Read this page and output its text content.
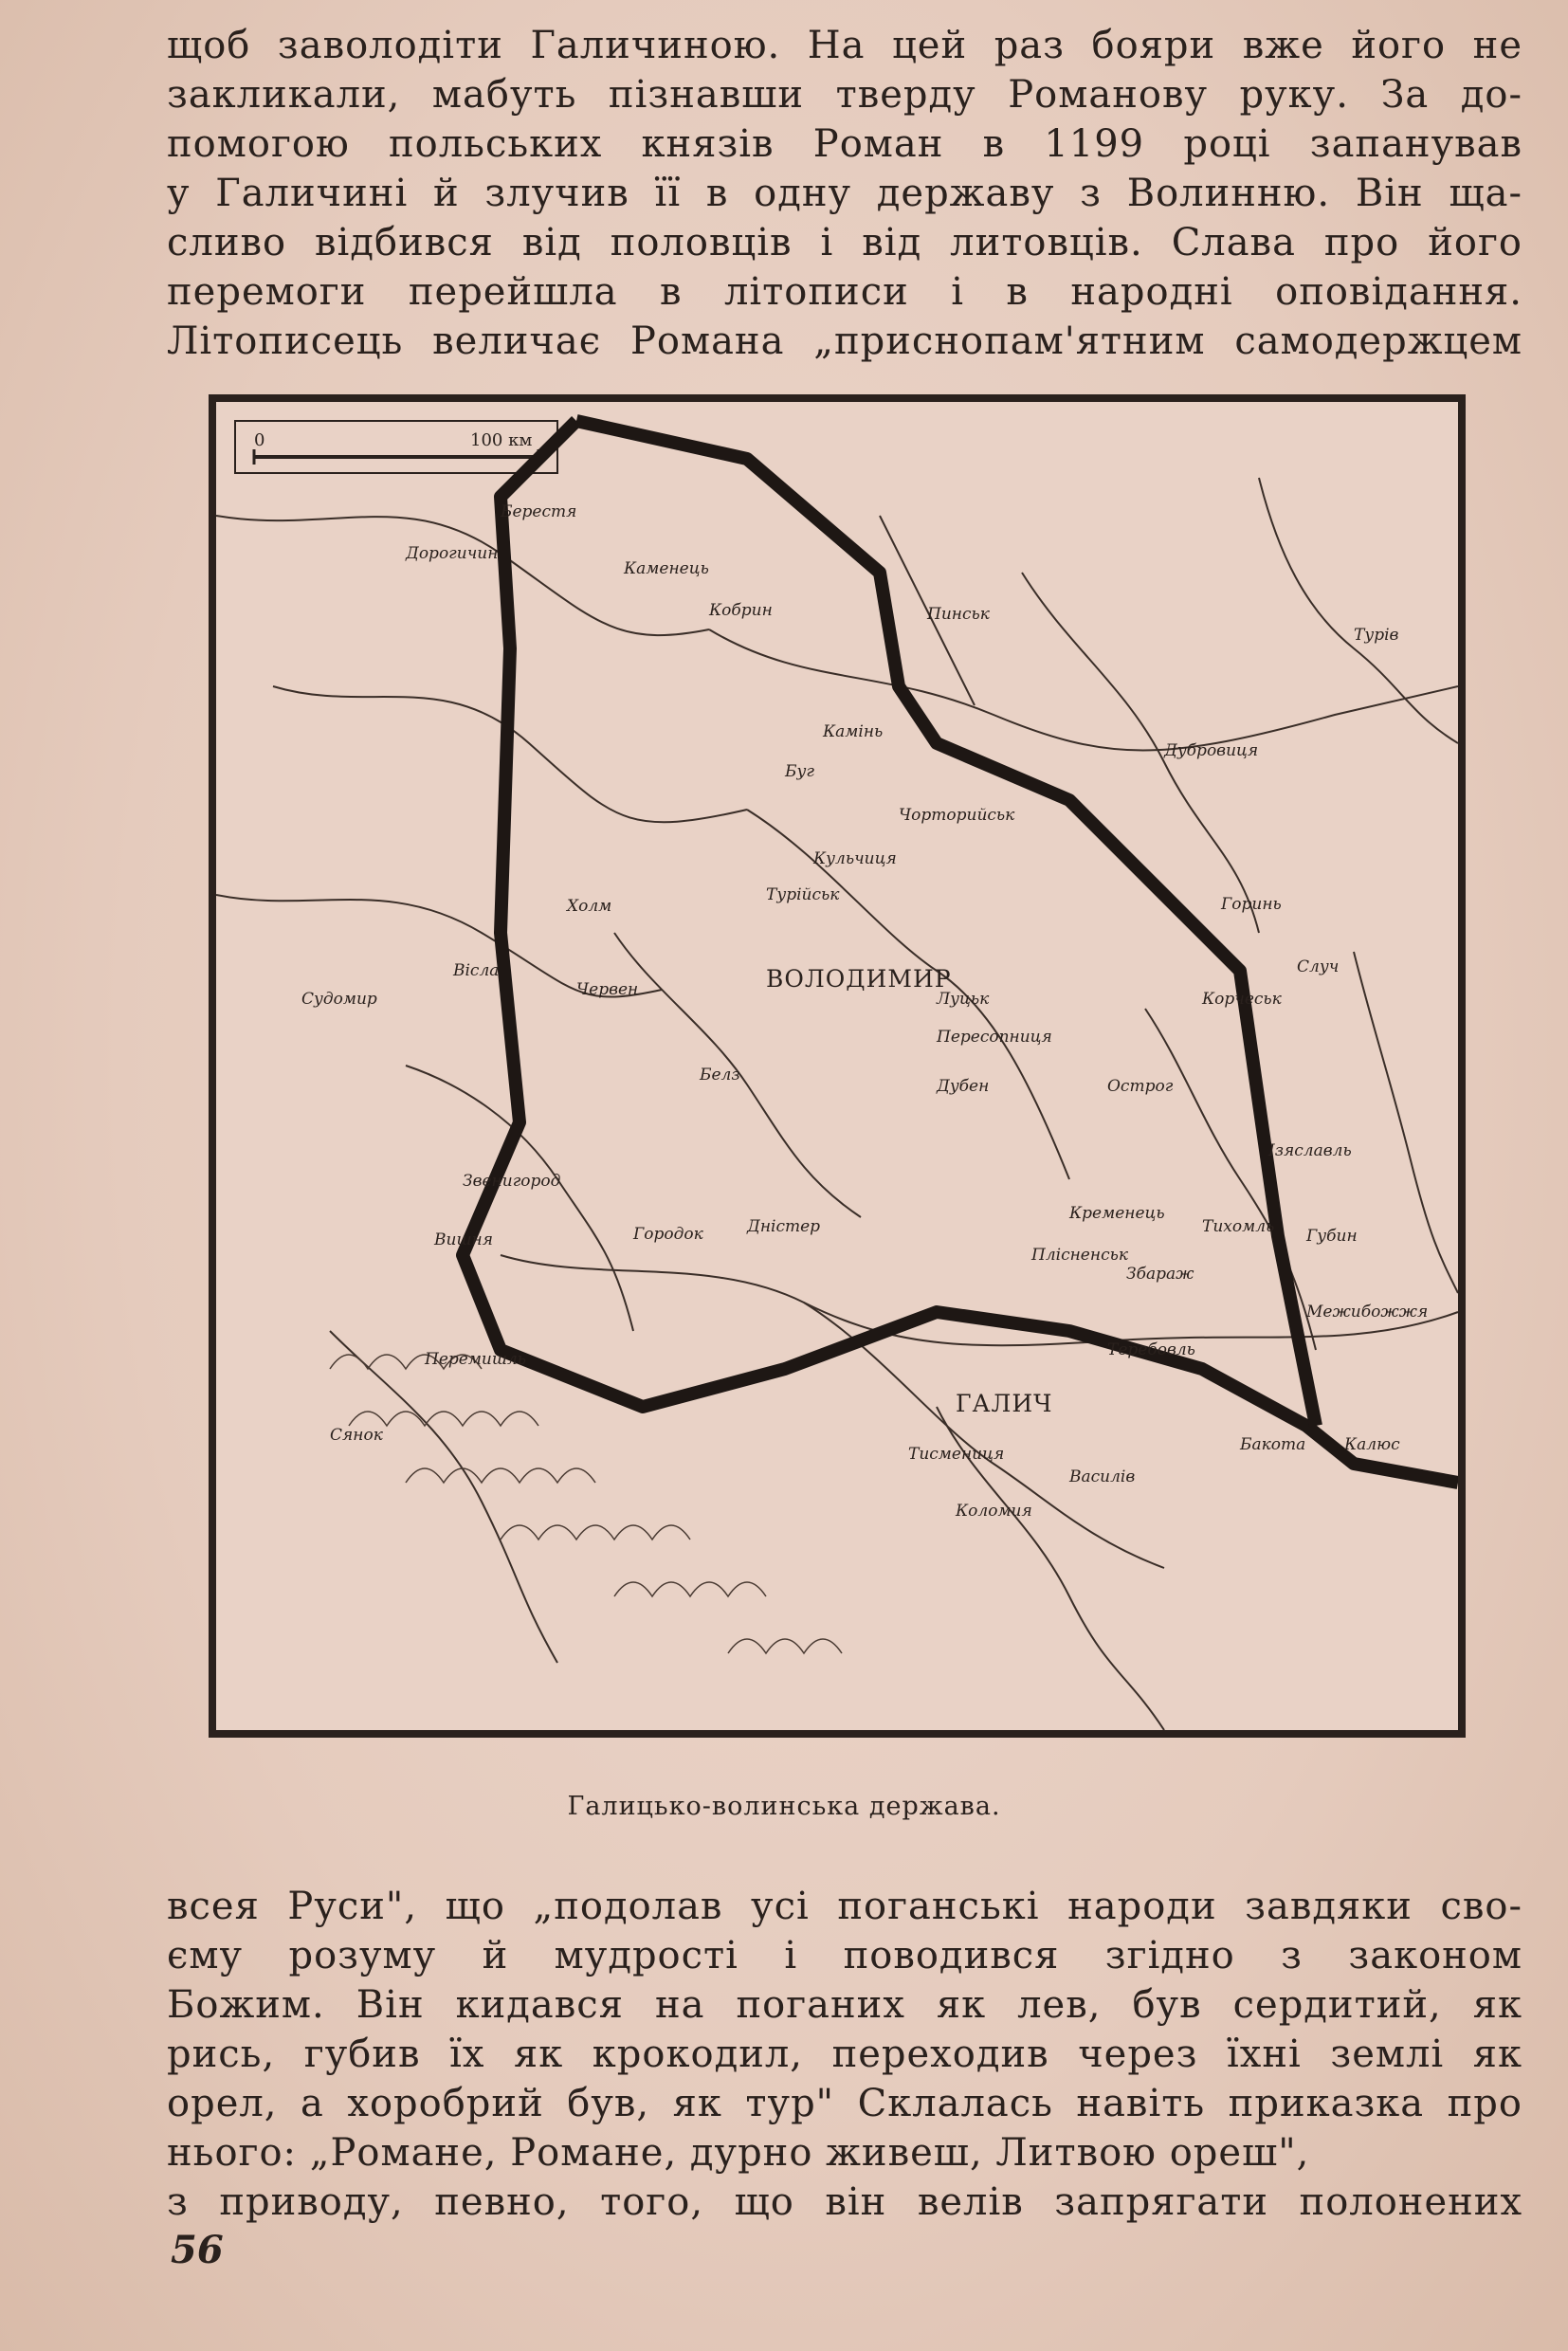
щоб заволодіти Галичиною. На цей раз бояри вже його не
закликали, мабуть пізнавши тверду Романову руку. За до-
помогою польських князів Роман в 1199 році запанував
у Галичині й злучив її в одну державу з Волинню. Він ща-
сливо відбився від половців і від литовців. Слава про його
перемоги перейшла в літописи і в народні оповідання.
Літописець величає Романа „приснопам'ятним самодержцем

0	100 км
ВОЛОДИМИР
ГАЛИЧ
Берестя
Каменець
Дорогичин
Пинськ
Турів
Дубровиця
Кобрин
Камінь
Чорторийськ
Кульчиця
Турійськ
Луцьк
Пересопниця
Корчеськ
Дубен	Острог
Ізяславль
Холм
Белз
Червен
Звенигород
Теребовль
Збараж
Коломия
Василів
Перемишль
Сянок
Тисмениця
Кременець
Плісненськ
Губин
Тихомль
Межибожжя
Бакота Калюс
Вишня	Городок
Судомир
Случ
Горинь
Буг
Дністер
Вісла
Галицько-волинська держава.

всея Руси", що „подолав усі поганські народи завдяки сво-
єму розуму й мудрості і поводився згідно з законом
Божим. Він кидався на поганих як лев, був сердитий, як
рись, губив їх як крокодил, переходив через їхні землі як
орел, а хоробрий був, як тур" Склалась навіть приказка про
нього: „Романе, Романе, дурно живеш, Литвою ореш",
з приводу, певно, того, що він велів запрягати полонених

56
